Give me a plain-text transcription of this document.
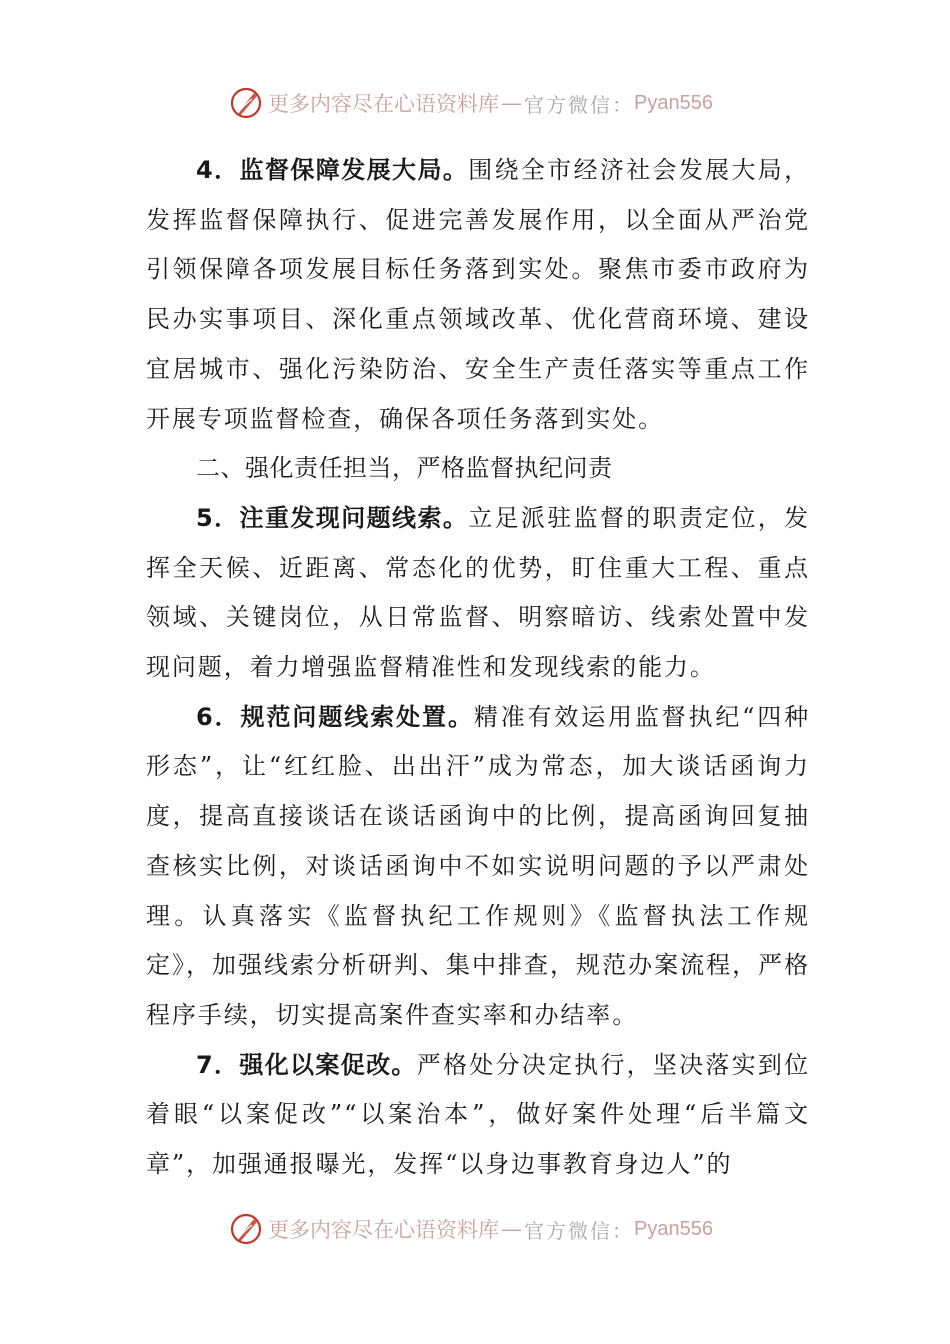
更多内容尽在心语资料库 — 官方微信： Pyan556

4．监督保障发展大局。围绕全市经济社会发展大局，发挥监督保障执行、促进完善发展作用，以全面从严治党引领保障各项发展目标任务落到实处。聚焦市委市政府为民办实事项目、深化重点领域改革、优化营商环境、建设宜居城市、强化污染防治、安全生产责任落实等重点工作开展专项监督检查，确保各项任务落到实处。

二、强化责任担当，严格监督执纪问责

5．注重发现问题线索。立足派驻监督的职责定位，发挥全天候、近距离、常态化的优势，盯住重大工程、重点领域、关键岗位，从日常监督、明察暗访、线索处置中发现问题，着力增强监督精准性和发现线索的能力。

6．规范问题线索处置。精准有效运用监督执纪“四种形态”，让“红红脸、出出汗”成为常态，加大谈话函询力度，提高直接谈话在谈话函询中的比例，提高函询回复抽查核实比例，对谈话函询中不如实说明问题的予以严肃处理。认真落实《监督执纪工作规则》《监督执法工作规定》，加强线索分析研判、集中排查，规范办案流程，严格程序手续，切实提高案件查实率和办结率。

7．强化以案促改。严格处分决定执行，坚决落实到位着眼“以案促改”“以案治本”，做好案件处理“后半篇文章”，加强通报曝光，发挥“以身边事教育身边人”的

更多内容尽在心语资料库 — 官方微信： Pyan556
